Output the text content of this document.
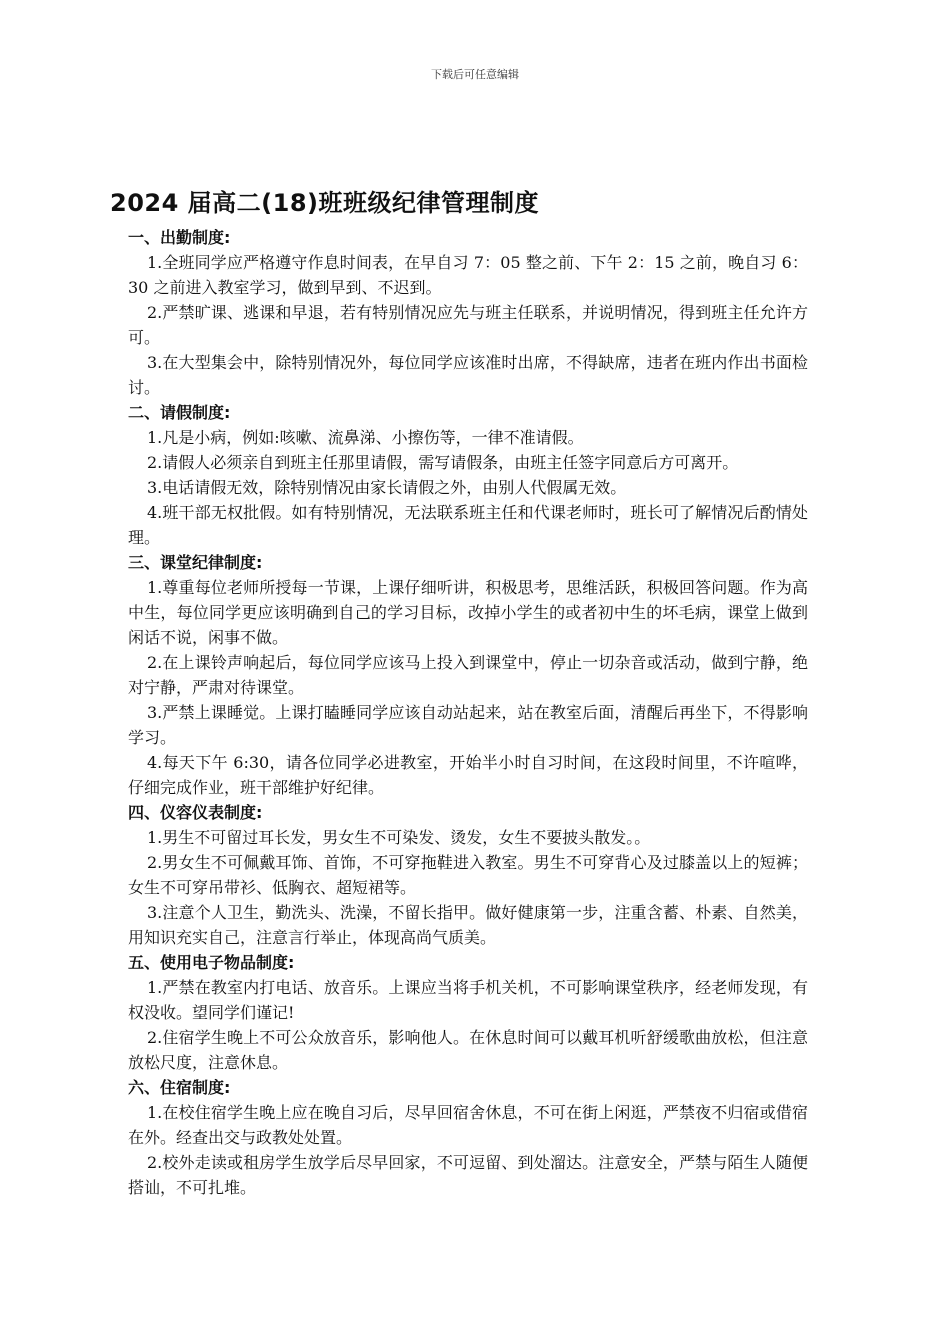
下载后可任意编辑
2024 届高二(18)班班级纪律管理制度

一、出勤制度:

1.全班同学应严格遵守作息时间表，在早自习 7：05 整之前、下午 2：15 之前，晚自习 6：30 之前进入教室学习，做到早到、不迟到。

2.严禁旷课、逃课和早退，若有特别情况应先与班主任联系，并说明情况，得到班主任允许方可。

3.在大型集会中，除特别情况外，每位同学应该准时出席，不得缺席，违者在班内作出书面检讨。

二、请假制度:

1.凡是小病，例如:咳嗽、流鼻涕、小擦伤等，一律不准请假。

2.请假人必须亲自到班主任那里请假，需写请假条，由班主任签字同意后方可离开。

3.电话请假无效，除特别情况由家长请假之外，由别人代假属无效。

4.班干部无权批假。如有特别情况，无法联系班主任和代课老师时，班长可了解情况后酌情处理。

三、课堂纪律制度:

1.尊重每位老师所授每一节课，上课仔细听讲，积极思考，思维活跃，积极回答问题。作为高中生，每位同学更应该明确到自己的学习目标，改掉小学生的或者初中生的坏毛病，课堂上做到闲话不说，闲事不做。

2.在上课铃声响起后，每位同学应该马上投入到课堂中，停止一切杂音或活动，做到宁静，绝对宁静，严肃对待课堂。

3.严禁上课睡觉。上课打瞌睡同学应该自动站起来，站在教室后面，清醒后再坐下，不得影响学习。

4.每天下午 6:30，请各位同学必进教室，开始半小时自习时间，在这段时间里，不许喧哗，仔细完成作业，班干部维护好纪律。

四、仪容仪表制度:

1.男生不可留过耳长发，男女生不可染发、烫发，女生不要披头散发。。

2.男女生不可佩戴耳饰、首饰，不可穿拖鞋进入教室。男生不可穿背心及过膝盖以上的短裤；女生不可穿吊带衫、低胸衣、超短裙等。

3.注意个人卫生，勤洗头、洗澡，不留长指甲。做好健康第一步，注重含蓄、朴素、自然美，用知识充实自己，注意言行举止，体现高尚气质美。

五、使用电子物品制度:

1.严禁在教室内打电话、放音乐。上课应当将手机关机，不可影响课堂秩序，经老师发现，有权没收。望同学们谨记!

2.住宿学生晚上不可公众放音乐，影响他人。在休息时间可以戴耳机听舒缓歌曲放松，但注意放松尺度，注意休息。

六、住宿制度:

1.在校住宿学生晚上应在晚自习后，尽早回宿舍休息，不可在街上闲逛，严禁夜不归宿或借宿在外。经查出交与政教处处置。

2.校外走读或租房学生放学后尽早回家，不可逗留、到处溜达。注意安全，严禁与陌生人随便搭讪，不可扎堆。
